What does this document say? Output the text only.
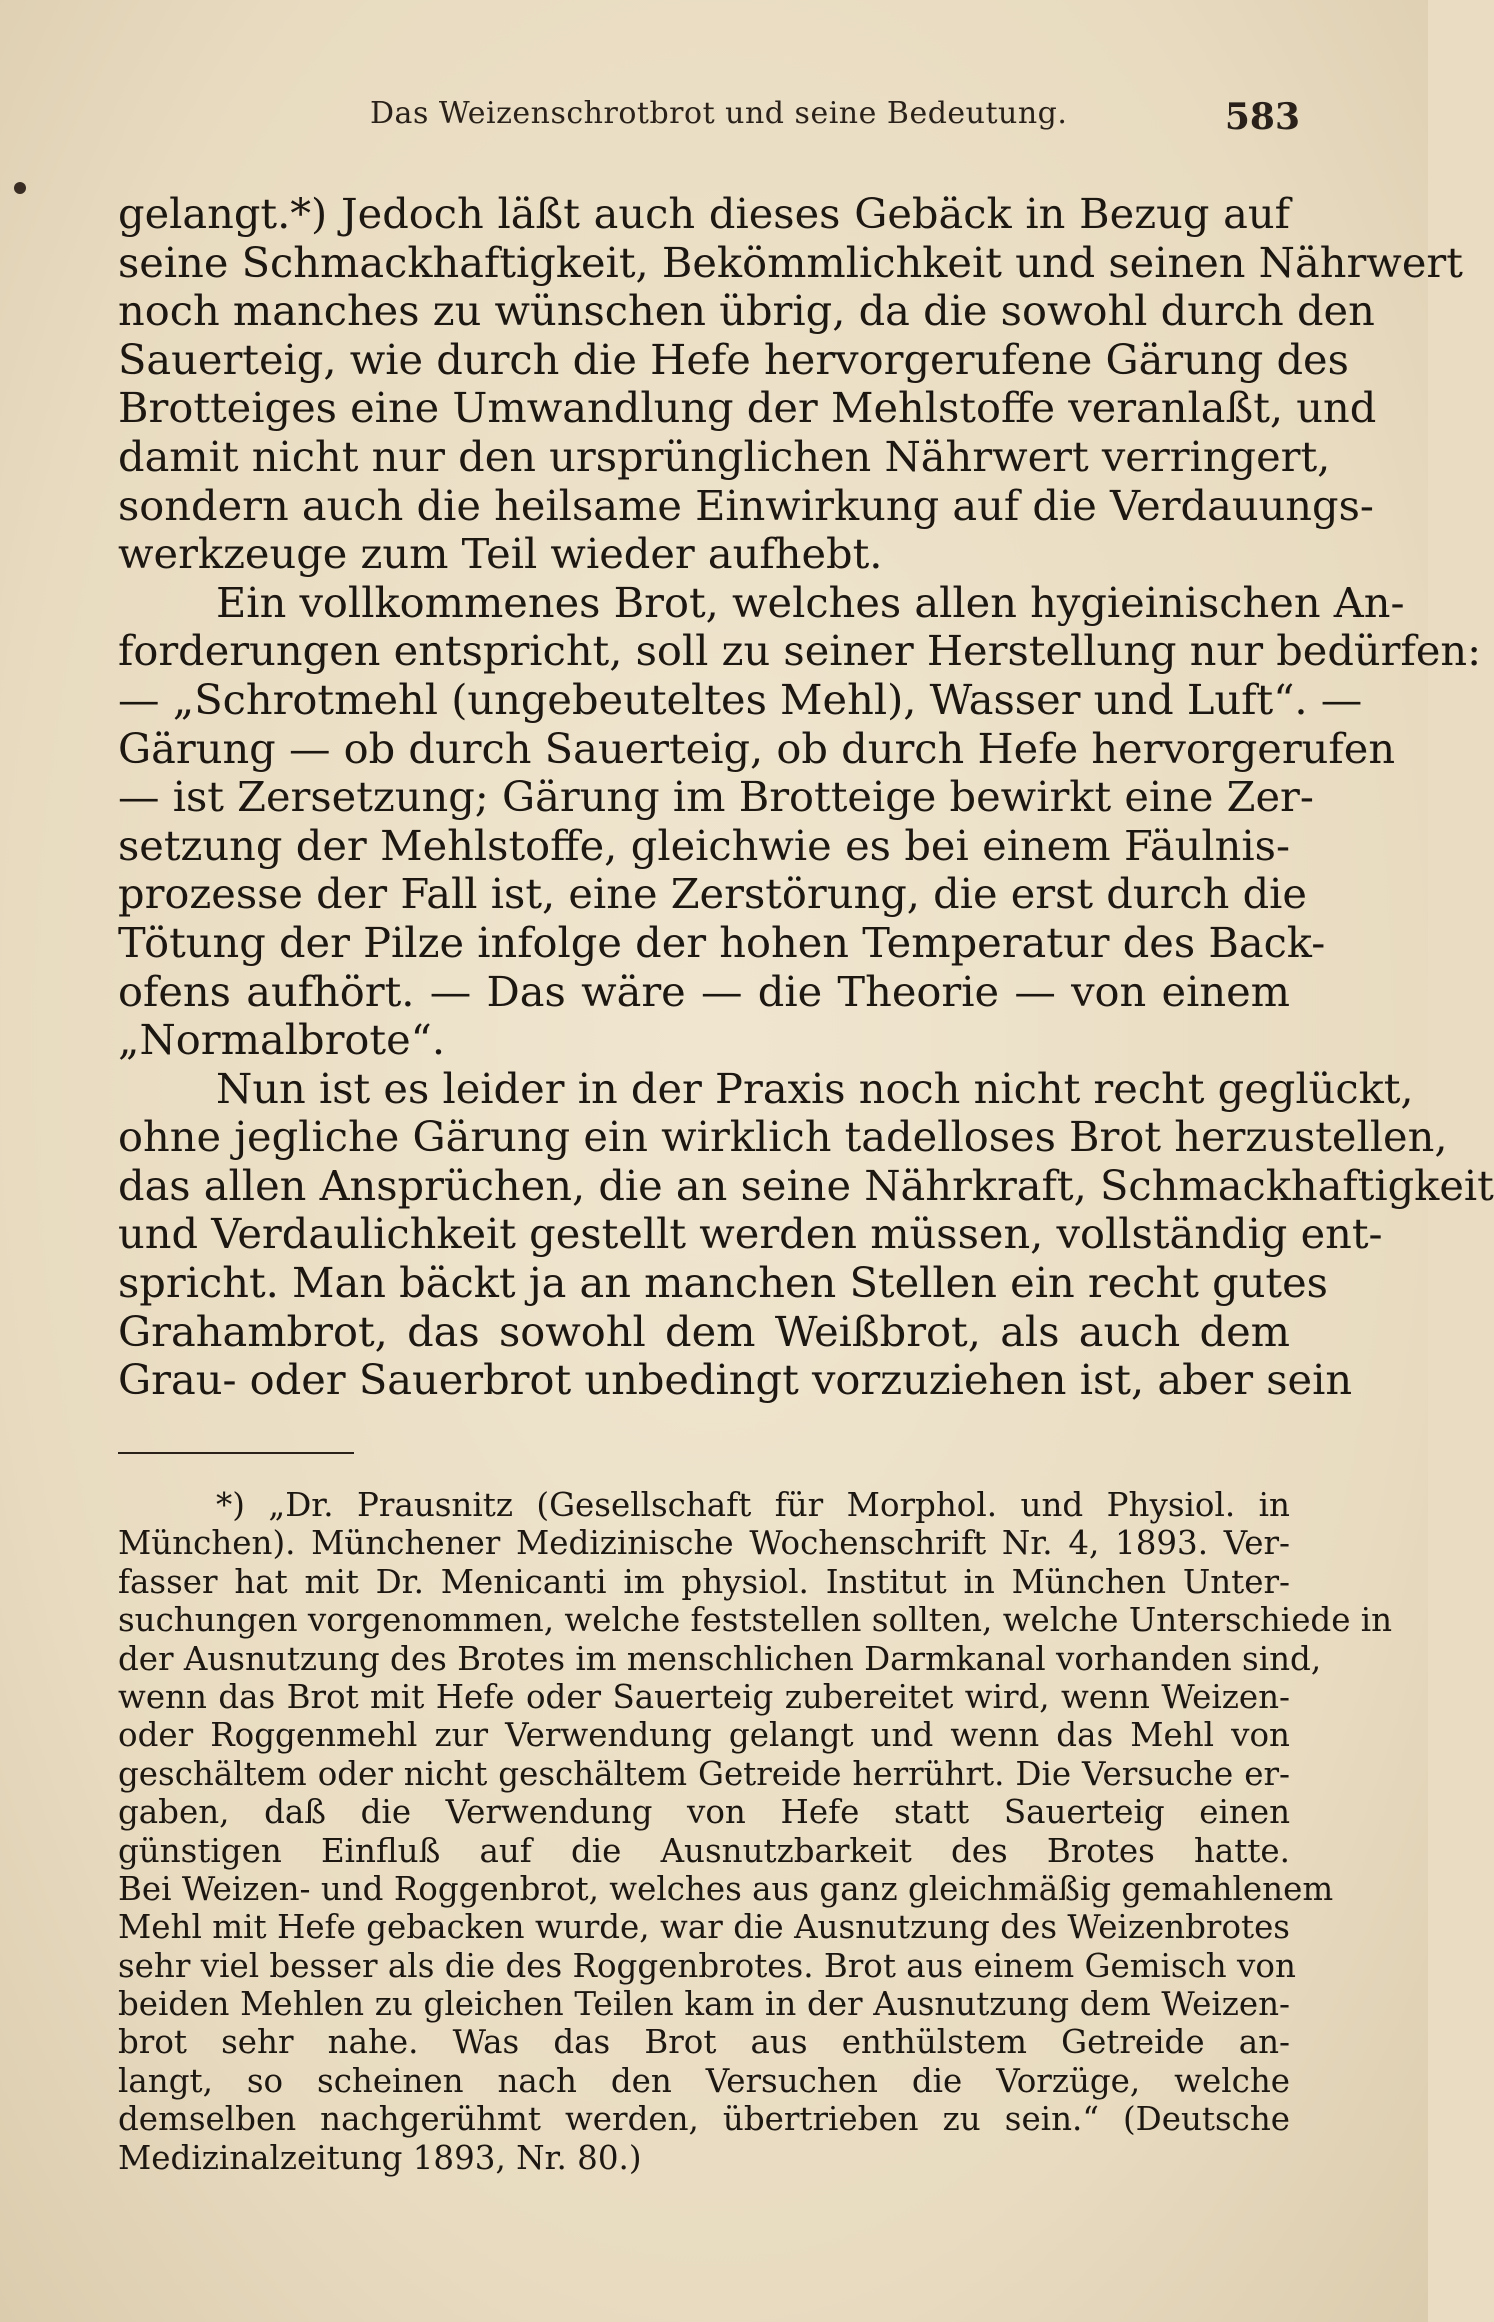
Das Weizenschrotbrot und seine Bedeutung.	583
gelangt.*) Jedoch läßt auch dieses Gebäck in Bezug auf
seine Schmackhaftigkeit, Bekömmlichkeit und seinen Nährwert
noch manches zu wünschen übrig, da die sowohl durch den
Sauerteig, wie durch die Hefe hervorgerufene Gärung des
Brotteiges eine Umwandlung der Mehlstoffe veranlaßt, und
damit nicht nur den ursprünglichen Nährwert verringert,
sondern auch die heilsame Einwirkung auf die Verdauungs-
werkzeuge zum Teil wieder aufhebt.
Ein vollkommenes Brot, welches allen hygieinischen An-
forderungen entspricht, soll zu seiner Herstellung nur bedürfen:
— „Schrotmehl (ungebeuteltes Mehl), Wasser und Luft“. —
Gärung — ob durch Sauerteig, ob durch Hefe hervorgerufen
— ist Zersetzung; Gärung im Brotteige bewirkt eine Zer-
setzung der Mehlstoffe, gleichwie es bei einem Fäulnis-
prozesse der Fall ist, eine Zerstörung, die erst durch die
Tötung der Pilze infolge der hohen Temperatur des Back-
ofens aufhört. — Das wäre — die Theorie — von einem
„Normalbrote“.
Nun ist es leider in der Praxis noch nicht recht geglückt,
ohne jegliche Gärung ein wirklich tadelloses Brot herzustellen,
das allen Ansprüchen, die an seine Nährkraft, Schmackhaftigkeit
und Verdaulichkeit gestellt werden müssen, vollständig ent-
spricht. Man bäckt ja an manchen Stellen ein recht gutes
Grahambrot, das sowohl dem Weißbrot, als auch dem
Grau- oder Sauerbrot unbedingt vorzuziehen ist, aber sein
*) „Dr. Prausnitz (Gesellschaft für Morphol. und Physiol. in
München). Münchener Medizinische Wochenschrift Nr. 4, 1893. Ver-
fasser hat mit Dr. Menicanti im physiol. Institut in München Unter-
suchungen vorgenommen, welche feststellen sollten, welche Unterschiede in
der Ausnutzung des Brotes im menschlichen Darmkanal vorhanden sind,
wenn das Brot mit Hefe oder Sauerteig zubereitet wird, wenn Weizen-
oder Roggenmehl zur Verwendung gelangt und wenn das Mehl von
geschältem oder nicht geschältem Getreide herrührt. Die Versuche er-
gaben, daß die Verwendung von Hefe statt Sauerteig einen
günstigen Einfluß auf die Ausnutzbarkeit des Brotes hatte.
Bei Weizen- und Roggenbrot, welches aus ganz gleichmäßig gemahlenem
Mehl mit Hefe gebacken wurde, war die Ausnutzung des Weizenbrotes
sehr viel besser als die des Roggenbrotes. Brot aus einem Gemisch von
beiden Mehlen zu gleichen Teilen kam in der Ausnutzung dem Weizen-
brot sehr nahe. Was das Brot aus enthülstem Getreide an-
langt, so scheinen nach den Versuchen die Vorzüge, welche
demselben nachgerühmt werden, übertrieben zu sein.“ (Deutsche
Medizinalzeitung 1893, Nr. 80.)
